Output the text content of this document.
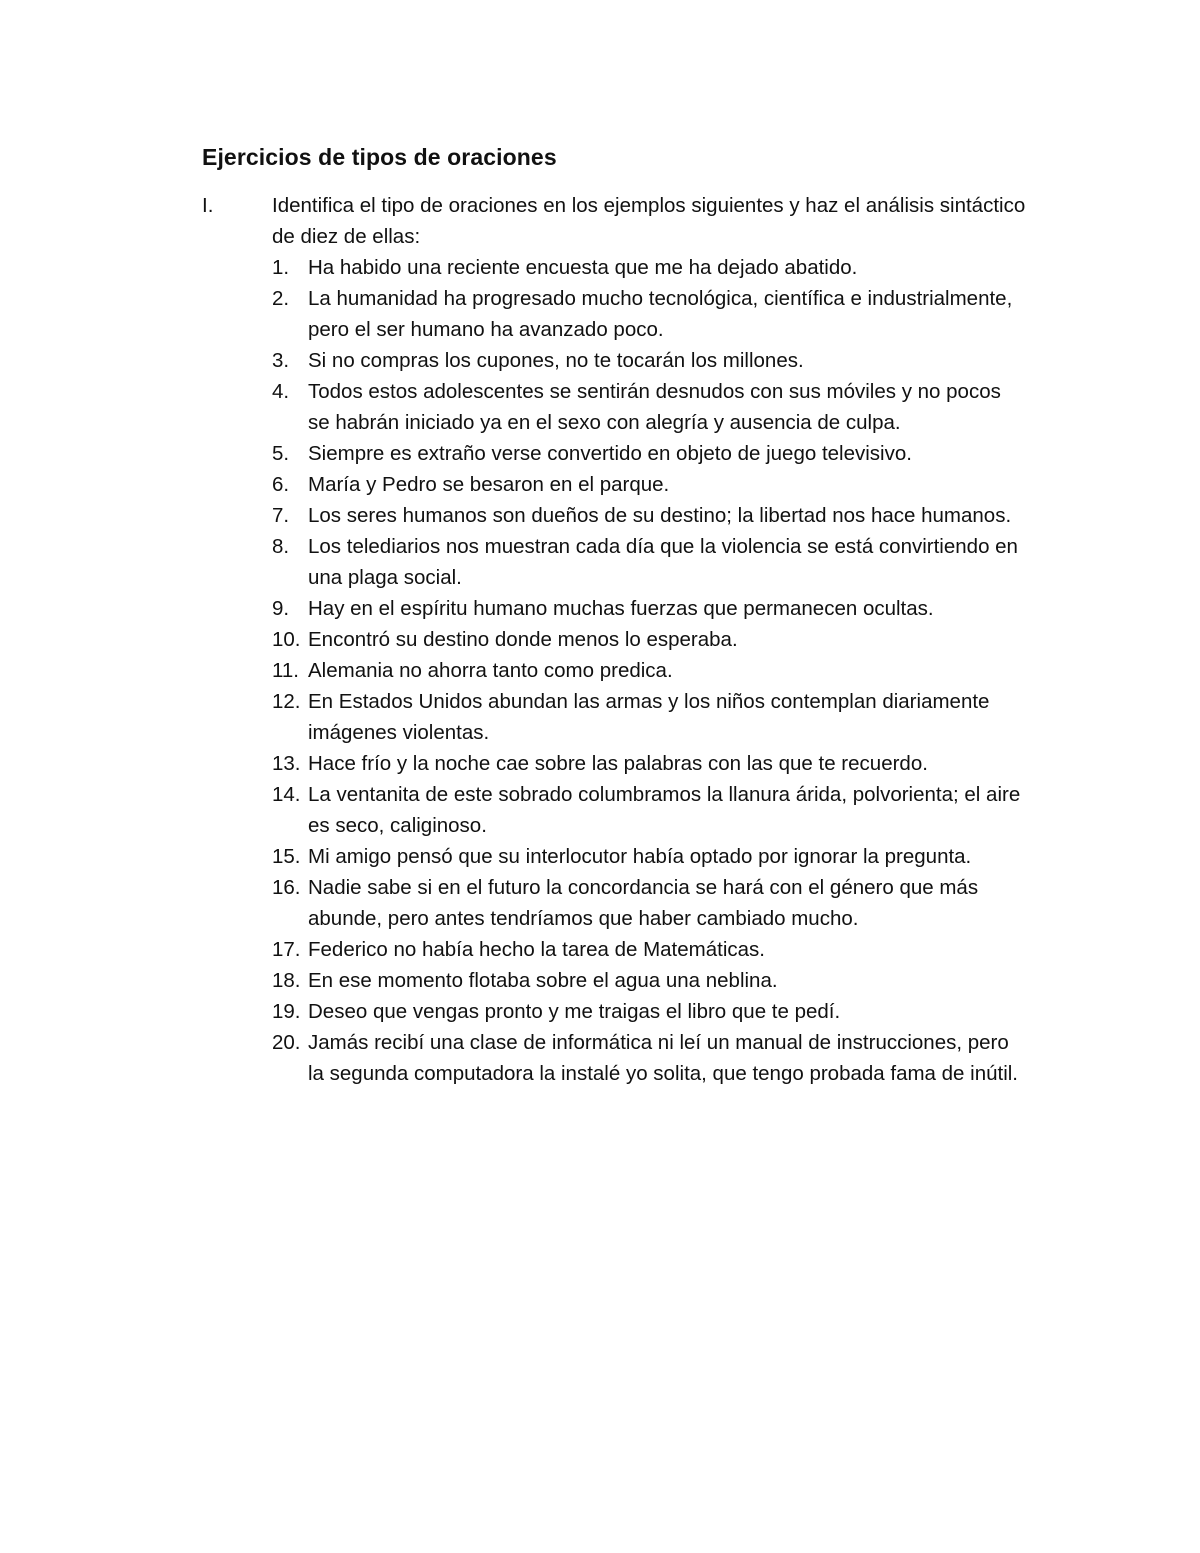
Ejercicios de tipos de oraciones
I.	Identifica el tipo de oraciones en los ejemplos siguientes y haz el análisis sintáctico de diez de ellas:
1. Ha habido una reciente encuesta que me ha dejado abatido.
2. La humanidad ha progresado mucho tecnológica, científica e industrialmente, pero el ser humano ha avanzado poco.
3. Si no compras los cupones, no te tocarán los millones.
4. Todos estos adolescentes se sentirán desnudos con sus móviles y no pocos se habrán iniciado ya en el sexo con alegría y ausencia de culpa.
5. Siempre es extraño verse convertido en objeto de juego televisivo.
6. María y Pedro se besaron en el parque.
7. Los seres humanos son dueños de su destino; la libertad nos hace humanos.
8. Los telediarios nos muestran cada día que la violencia se está convirtiendo en una plaga social.
9. Hay en el espíritu humano muchas fuerzas que permanecen ocultas.
10. Encontró su destino donde menos lo esperaba.
11. Alemania no ahorra tanto como predica.
12. En Estados Unidos abundan las armas y los niños contemplan diariamente imágenes violentas.
13. Hace frío y la noche cae sobre las palabras con las que te recuerdo.
14. La ventanita de este sobrado columbramos la llanura árida, polvorienta; el aire es seco, caliginoso.
15. Mi amigo pensó que su interlocutor había optado por ignorar la pregunta.
16. Nadie sabe si en el futuro la concordancia se hará con el género que más abunde, pero antes tendríamos que haber cambiado mucho.
17. Federico no había hecho la tarea de Matemáticas.
18. En ese momento flotaba sobre el agua una neblina.
19. Deseo que vengas pronto y me traigas el libro que te pedí.
20. Jamás recibí una clase de informática ni leí un manual de instrucciones, pero la segunda computadora la instalé yo solita, que tengo probada fama de inútil.
